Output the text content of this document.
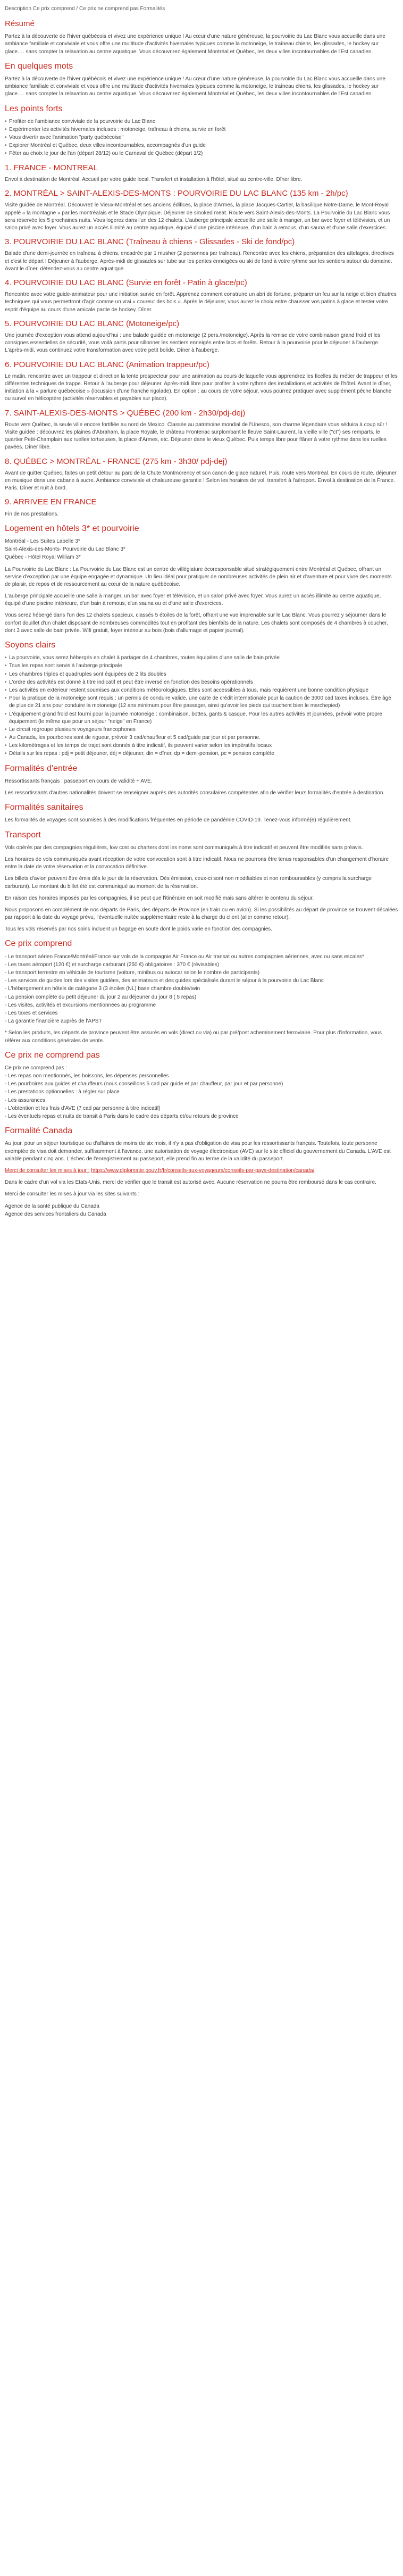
Description Ce prix comprend / Ce prix ne comprend pas Formalités
Résumé

Partez à la découverte de l'hiver québécois et vivez une expérience unique ! Au cœur d'une nature généreuse, la pourvoirie du Lac Blanc vous accueille dans une ambiance familiale et conviviale et vous offre une multitude d'activités hivernales typiques comme la motoneige, le traîneau chiens, les glissades, le hockey sur glace…. sans compter la relaxation au centre aquatique. Vous découvrirez également Montréal et Québec, les deux villes incontournables de l'Est canadien.

En quelques mots

Partez à la découverte de l'hiver québécois et vivez une expérience unique ! Au cœur d'une nature généreuse, la pourvoirie du Lac Blanc vous accueille dans une ambiance familiale et conviviale et vous offre une multitude d'activités hivernales typiques comme la motoneige, le traîneau chiens, les glissades, le hockey sur glace…. sans compter la relaxation au centre aquatique. Vous découvrirez également Montréal et Québec, les deux villes incontournables de l'Est canadien.

Les points forts
• Profiter de l'ambiance conviviale de la pourvoirie du Lac Blanc
• Expérimenter les activités hivernales incluses : motoneige, traîneau à chiens, survie en forêt
• Vous divertir avec l'animation "party québécoise"
• Explorer Montréal et Québec, deux villes incontournables, accompagnés d'un guide
• Fêter au choix le jour de l'an (départ 28/12) ou le Carnaval de Québec (départ 1/2)
1. FRANCE - MONTREAL

Envol à destination de Montréal. Accueil par votre guide local. Transfert et installation à l'hôtel, situé au centre-ville. Dîner libre.

2. MONTRÉAL > SAINT-ALEXIS-DES-MONTS : POURVOIRIE DU LAC BLANC (135 km - 2h/pc)

Visite guidée de Montréal. Découvrez le Vieux-Montréal et ses anciens édifices, la place d'Armes, la place Jacques-Cartier, la basilique Notre-Dame, le Mont-Royal appelé « la montagne » par les montréalais et le Stade Olympique. Déjeuner de smoked meat. Route vers Saint-Alexis-des-Monts. La Pourvoirie du Lac Blanc vous sera réservée les 5 prochaines nuits. Vous logerez dans l'un des 12 chalets. L'auberge principale accueille une salle à manger, un bar avec foyer et télévision, et un salon privé avec foyer. Vous aurez un accès illimité au centre aquatique, équipé d'une piscine intérieure, d'un bain à remous, d'un sauna et d'une salle d'exercices.

3. POURVOIRIE DU LAC BLANC (Traîneau à chiens - Glissades - Ski de fond/pc)

Balade d'une demi-journée en traîneau à chiens, encadrée par 1 musher (2 personnes par traîneau). Rencontre avec les chiens, préparation des attelages, directives et c'est le départ ! Déjeuner à l'auberge. Après-midi de glissades sur tube sur les pentes enneigées ou ski de fond à votre rythme sur les sentiers autour du domaine. Avant le dîner, détendez-vous au centre aquatique.

4. POURVOIRIE DU LAC BLANC (Survie en forêt - Patin à glace/pc)

Rencontre avec votre guide-animateur pour une initiation survie en forêt. Apprenez comment construire un abri de fortune, préparer un feu sur la neige et bien d'autres techniques qui vous permettront d'agir comme un vrai « coureur des bois ». Après le déjeuner, vous aurez le choix entre chausser vos patins à glace et tester votre esprit d'équipe au cours d'une amicale partie de hockey. Dîner.

5. POURVOIRIE DU LAC BLANC (Motoneige/pc)

Une journée d'exception vous attend aujourd'hui : une balade guidée en motoneige (2 pers./motoneige). Après la remise de votre combinaison grand froid et les consignes essentielles de sécurité, vous voilà partis pour sillonner les sentiers enneigés entre lacs et forêts. Retour à la pourvoirie pour le déjeuner à l'auberge. L'après-midi, vous continuez votre transformation avec votre petit bolide. Dîner à l'auberge.

6. POURVOIRIE DU LAC BLANC (Animation trappeur/pc)

Le matin, rencontre avec un trappeur et direction la tente prospecteur pour une animation au cours de laquelle vous apprendrez les ficelles du métier de trappeur et les différentes techniques de trappe. Retour à l'auberge pour déjeuner. Après-midi libre pour profiter à votre rythme des installations et activités de l'hôtel. Avant le dîner, initiation à la « parlure québécoise » (locussion d'une franche rigolade). En option : au cours de votre séjour, vous pourrez pratiquer avec supplément pêche blanche ou survol en hélicoptère (activités réservables et payables sur place).

7. SAINT-ALEXIS-DES-MONTS > QUÉBEC (200 km - 2h30/pdj-dej)

Route vers Québec, la seule ville encore fortifiée au nord de Mexico. Classée au patrimoine mondial de l'Unesco, son charme légendaire vous séduira à coup sûr ! Visite guidée : découvrez les plaines d'Abraham, la place Royale, le château Frontenac surplombant le fleuve Saint-Laurent, la vieille ville ("ct") ses remparts, le quartier Petit-Champlain aux ruelles tortueuses, la place d'Armes, etc. Déjeuner dans le vieux Québec. Puis temps libre pour flâner à votre rythme dans les ruelles pavées. Dîner libre.

8. QUÉBEC > MONTRÉAL - FRANCE (275 km - 3h30/ pdj-dej)

Avant de quitter Québec, faites un petit détour au parc de la Chute Montmorency et son canon de glace naturel. Puis, route vers Montréal. En cours de route, déjeuner en musique dans une cabane à sucre. Ambiance conviviale et chaleureuse garantie ! Selon les horaires de vol, transfert à l'aéroport. Envol à destination de la France. Paris. Dîner et nuit à bord.

9. ARRIVEE EN FRANCE

Fin de nos prestations.

Logement en hôtels 3* et pourvoirie
Montréal - Les Suites Labelle 3*
Saint-Alexis-des-Monts- Pourvoirie du Lac Blanc 3*
Québec - Hôtel Royal William 3*

La Pourvoirie du Lac Blanc : La Pourvoirie du Lac Blanc est un centre de villégiature écoresponsable situé stratégiquement entre Montréal et Québec, offrant un service d'exception par une équipe engagée et dynamique. Un lieu idéal pour pratiquer de nombreuses activités de plein air et d'aventure et pour vivre des moments de plaisir, de repos et de ressourcement au cœur de la nature québécoise.

L'auberge principale accueille une salle à manger, un bar avec foyer et télévision, et un salon privé avec foyer. Vous aurez un accès illimité au centre aquatique, équipé d'une piscine intérieure, d'un bain à remous, d'un sauna ou et d'une salle d'exercices.

Vous serez hébergé dans l'un des 12 chalets spacieux, classés 5 étoiles de la forêt, offrant une vue imprenable sur le Lac Blanc. Vous pourrez y séjourner dans le confort douillet d'un chalet disposant de nombreuses commodités tout en profitant des bienfaits de la nature. Les chalets sont composés de 4 chambres à coucher, dont 3 avec salle de bain privée. Wifi gratuit, foyer intérieur au bois (bois d'allumage et papier journal).

Soyons clairs
• La pourvoirie, vous serez hébergés en chalet à partager de 4 chambres, toutes équipées d'une salle de bain privée
• Tous les repas sont servis à l'auberge principale
• Les chambres triples et quadruples sont équipées de 2 lits doubles
• L'ordre des activités est donné à titre indicatif et peut être inversé en fonction des besoins opérationnels
• Les activités en extérieur restent soumises aux conditions météorologiques. Elles sont accessibles à tous, mais requièrent une bonne condition physique
• Pour la pratique de la motoneige sont requis : un permis de conduire valide, une carte de crédit internationale pour la caution de 3000 cad taxes incluses. Être âgé de plus de 21 ans pour conduire la motoneige (12 ans minimum pour être passager, ainsi qu'avoir les pieds qui touchent bien le marchepied)
• L'équipement grand froid est fourni pour la journée motoneige : combinaison, bottes, gants & casque. Pour les autres activités et journées, prévoir votre propre équipement (le même que pour un séjour "neige" en France)
• Le circuit regroupe plusieurs voyageurs francophones
• Au Canada, les pourboires sont de rigueur, prévoir 3 cad/chauffeur et 5 cad/guide par jour et par personne.
• Les kilométrages et les temps de trajet sont donnés à titre indicatif, ils peuvent varier selon les impératifs locaux
• Détails sur les repas : pdj = petit déjeuner, déj = déjeuner, din = dîner, dp = demi-pension, pc = pension complète
Formalités d'entrée

Ressortissants français : passeport en cours de validité + AVE.

Les ressortissants d'autres nationalités doivent se renseigner auprès des autorités consulaires compétentes afin de vérifier leurs formalités d'entrée à destination.

Formalités sanitaires

Les formalités de voyages sont soumises à des modifications fréquentes en période de pandémie COVID-19. Tenez-vous informé(e) régulièrement.

Transport

Vols opérés par des compagnies régulières, low cost ou charters dont les noms sont communiqués à titre indicatif et peuvent être modifiés sans préavis.

Les horaires de vols communiqués avant réception de votre convocation sont à titre indicatif. Nous ne pourrons être tenus responsables d'un changement d'horaire entre la date de votre réservation et la convocation définitive.

Les billets d'avion peuvent être émis dès le jour de la réservation. Dès émission, ceux-ci sont non modifiables et non remboursables (y compris la surcharge carburant). Le montant du billet été est communiqué au moment de la réservation.

En raison des horaires imposés par les compagnies, il se peut que l'itinéraire en soit modifié mais sans altérer le contenu du séjour.

Nous proposons en complément de nos départs de Paris, des départs de Province (en train ou en avion). Si les possibilités au départ de province se trouvent décalées par rapport à la date du voyage prévu, l'éventuelle nuitée supplémentaire reste à la charge du client (aller comme retour).

Tous les vols réservés par nos soins incluent un bagage en soute dont le poids varie en fonction des compagnies.

Ce prix comprend
- Le transport aérien France/Montréal/France sur vols de la compagnie Air France ou Air transat ou autres compagnies aériennes, avec ou sans escales*
- Les taxes aéroport (120 €) et surcharge carburant (250 €) obligatoires : 370 € (révisables)
- Le transport terrestre en véhicule de tourisme (voiture, minibus ou autocar selon le nombre de participants)
- Les services de guides lors des visites guidées, des animateurs et des guides spécialisés durant le séjour à la pourvoirie du Lac Blanc
- L'hébergement en hôtels de catégorie 3 (3 étoiles (NL) base chambre double/twin
- La pension complète du petit déjeuner du jour 2 au déjeuner du jour 8 ( 5 repas)
- Les visites, activités et excursions mentionnées au programme
- Les taxes et services
- La garantie financière auprès de l'APST

* Selon les produits, les départs de province peuvent être assurés en vols (direct ou via) ou par pré/post acheminement ferroviaire. Pour plus d'information, vous référer aux conditions générales de vente.

Ce prix ne comprend pas
Ce prix ne comprend pas :
- Les repas non mentionnés, les boissons, les dépenses personnelles
- Les pourboires aux guides et chauffeurs (nous conseillons 5 cad par guide et par chauffeur, par jour et par personne)
- Les prestations optionnelles : à régler sur place
- Les assurances
- L'obtention et les frais d'AVE (7 cad par personne à titre indicatif)
- Les éventuels repas et nuits de transit à Paris dans le cadre des départs et/ou retours de province
Formalité Canada

Au jour, pour un séjour touristique ou d'affaires de moins de six mois, il n'y a pas d'obligation de visa pour les ressortissants français. Toutefois, toute personne exemptée de visa doit demander, suffisamment à l'avance, une autorisation de voyage électronique (AVE) sur le site officiel du gouvernement du Canada. L'AVE est valable pendant cinq ans. L'échec de l'enregistrement au passeport, elle prend fin au terme de la validité du passeport.

Merci de consulter les mises à jour : https://www.diplomatie.gouv.fr/fr/conseils-aux-voyageurs/conseils-par-pays-destination/canada/

Dans le cadre d'un vol via les Etats-Unis, merci de vérifier que le transit est autorisé avec. Aucune réservation ne pourra être remboursé dans le cas contraire.

Merci de consulter les mises à jour via les sites suivants :

Agence de la santé publique du Canada
Agence des services frontaliers du Canada
